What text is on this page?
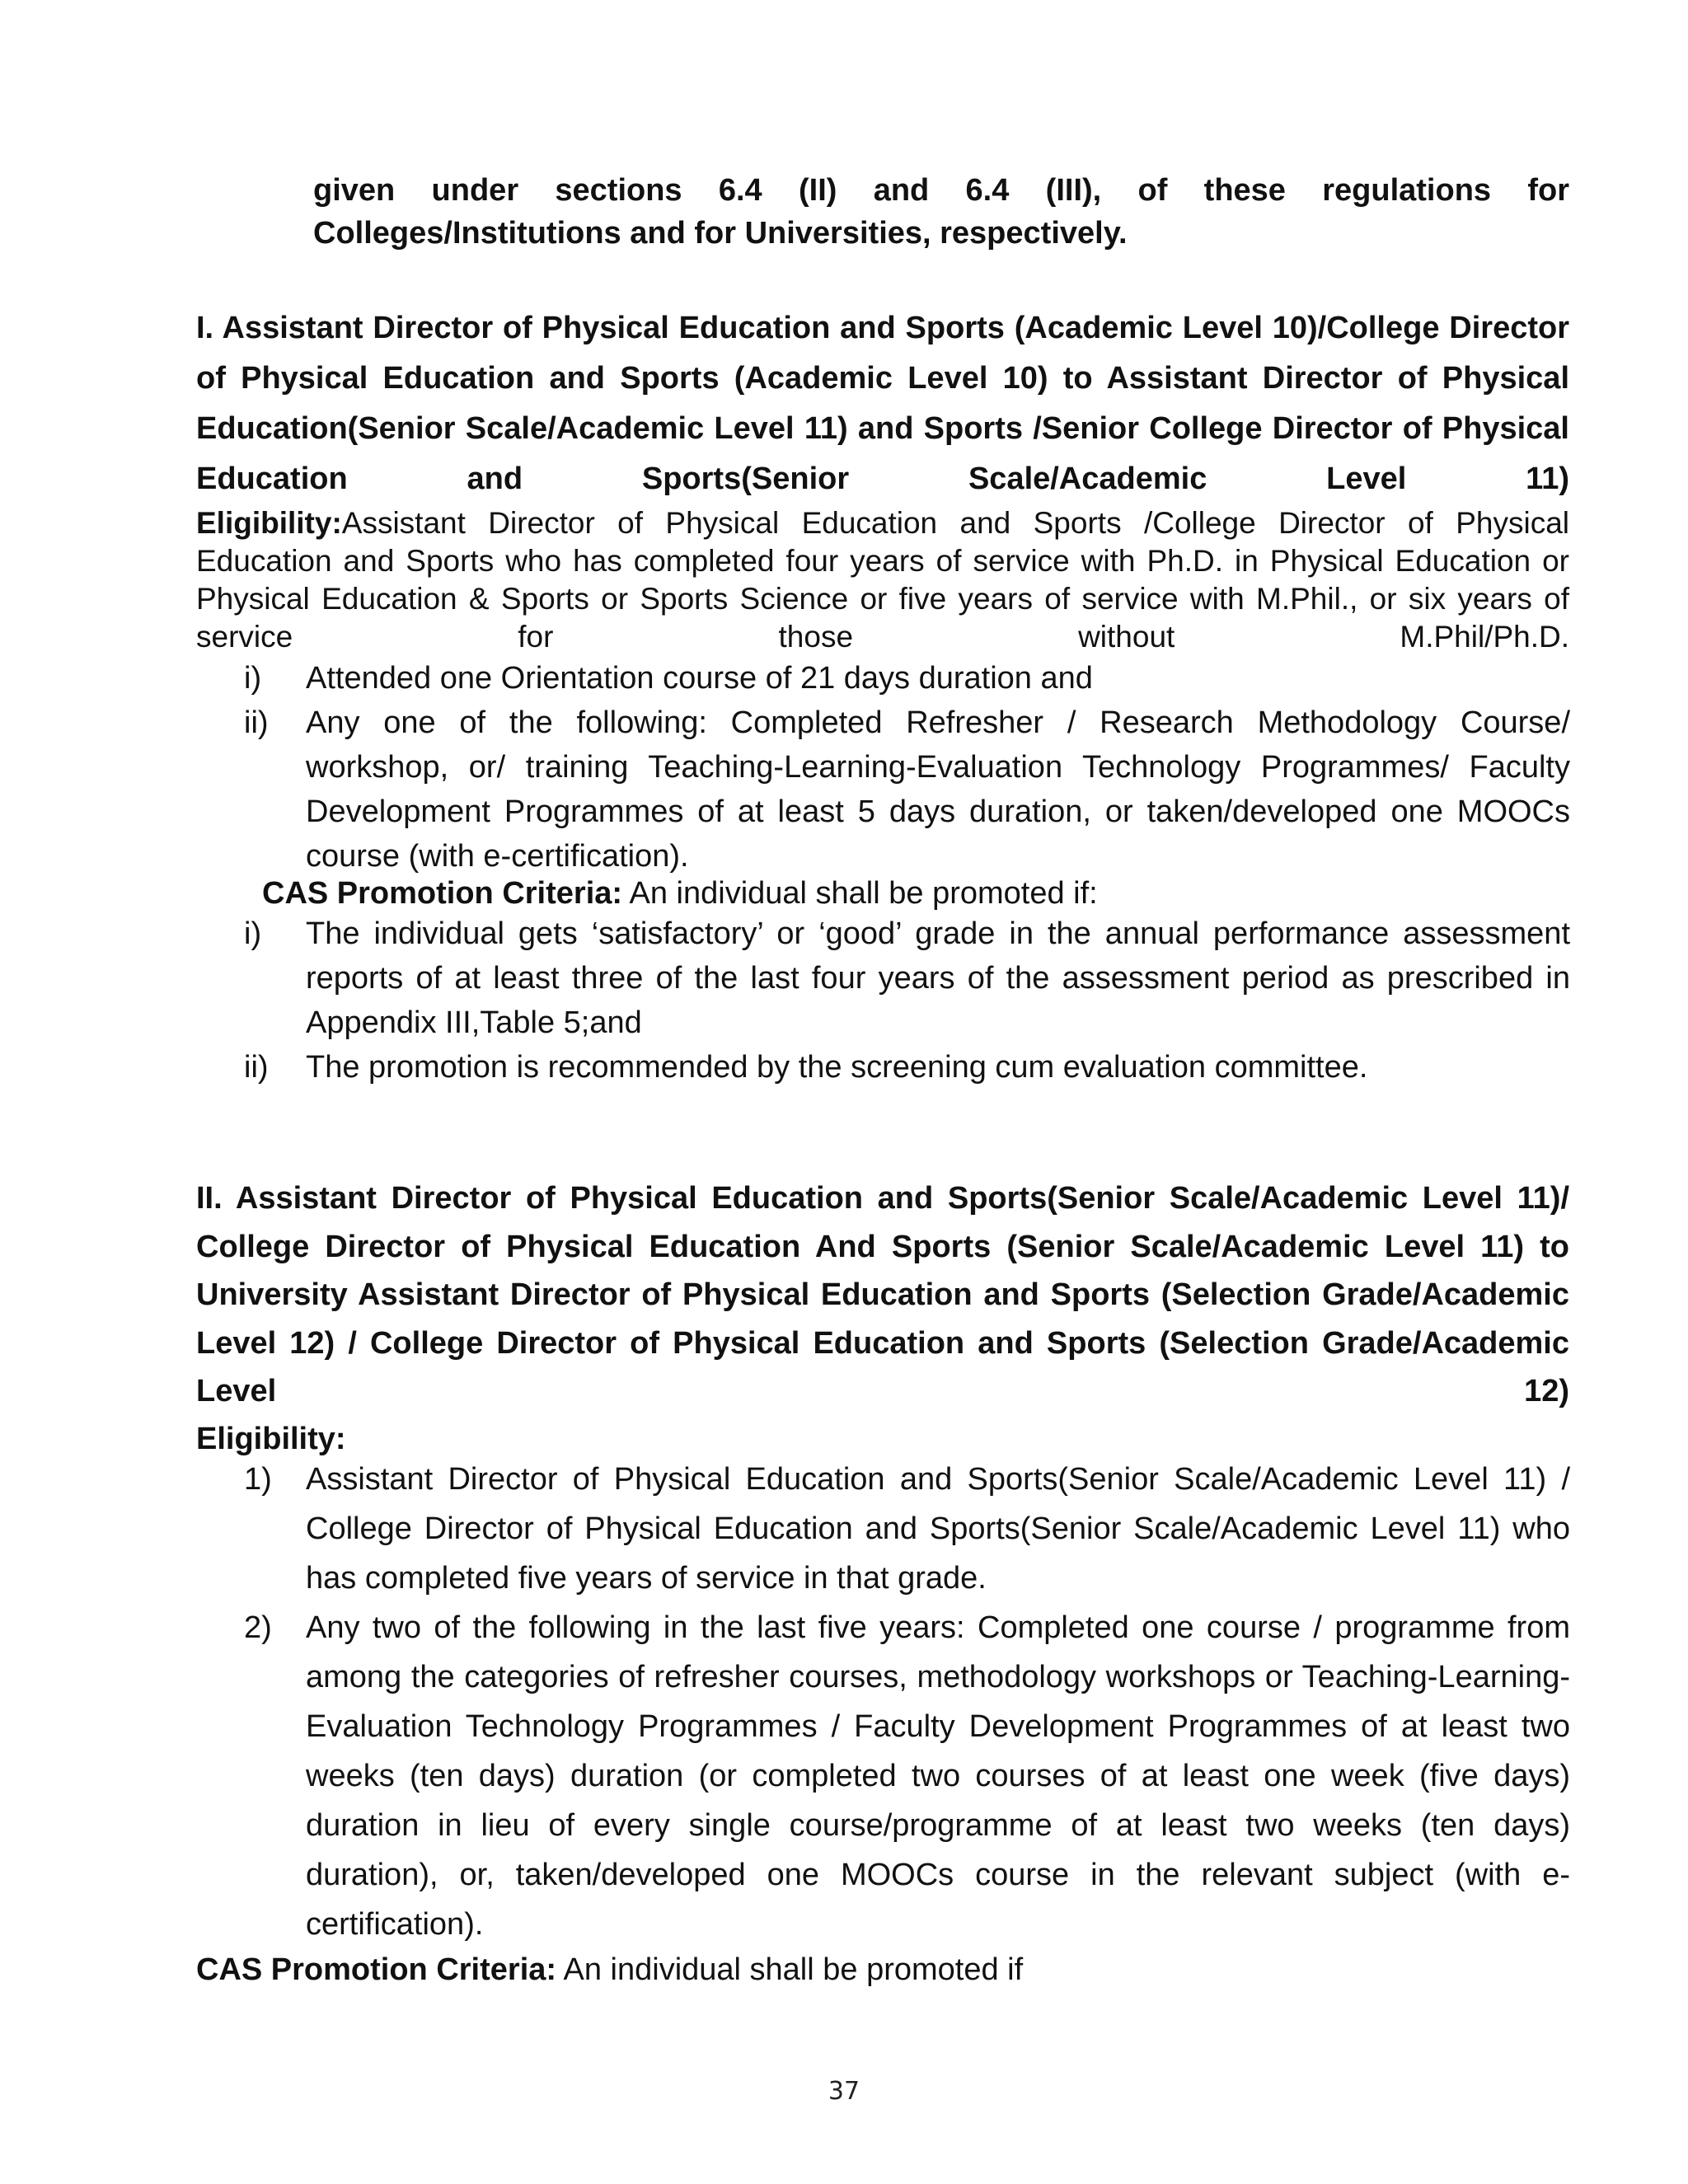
given under sections 6.4 (II) and 6.4 (III), of these regulations for
Colleges/Institutions and for Universities, respectively.
I. Assistant Director of Physical Education and Sports (Academic Level 10)/College Director of Physical Education and Sports (Academic Level 10) to Assistant Director of Physical Education(Senior Scale/Academic Level 11) and Sports /Senior College Director of Physical Education and Sports(Senior Scale/Academic Level 11)
Eligibility:Assistant Director of Physical Education and Sports /College Director of Physical Education and Sports who has completed four years of service with Ph.D. in Physical Education or Physical Education & Sports or Sports Science or five years of service with M.Phil., or six years of service for those without M.Phil/Ph.D.
i) Attended one Orientation course of 21 days duration and
ii) Any one of the following: Completed Refresher / Research Methodology Course/ workshop, or/ training Teaching-Learning-Evaluation Technology Programmes/ Faculty Development Programmes of at least 5 days duration, or taken/developed one MOOCs course (with e-certification).
CAS Promotion Criteria: An individual shall be promoted if:
i) The individual gets ‘satisfactory’ or ‘good’ grade in the annual performance assessment reports of at least three of the last four years of the assessment period as prescribed in Appendix III,Table 5;and
ii) The promotion is recommended by the screening cum evaluation committee.
II. Assistant Director of Physical Education and Sports(Senior Scale/Academic Level 11)/ College Director of Physical Education And Sports (Senior Scale/Academic Level 11) to University Assistant Director of Physical Education and Sports (Selection Grade/Academic Level 12) / College Director of Physical Education and Sports (Selection Grade/Academic Level 12)
Eligibility:
1) Assistant Director of Physical Education and Sports(Senior Scale/Academic Level 11) / College Director of Physical Education and Sports(Senior Scale/Academic Level 11) who has completed five years of service in that grade.
2) Any two of the following in the last five years: Completed one course / programme from among the categories of refresher courses, methodology workshops or Teaching-Learning-Evaluation Technology Programmes / Faculty Development Programmes of at least two weeks (ten days) duration (or completed two courses of at least one week (five days) duration in lieu of every single course/programme of at least two weeks (ten days) duration), or, taken/developed one MOOCs course in the relevant subject (with e-certification).
CAS Promotion Criteria: An individual shall be promoted if
37
